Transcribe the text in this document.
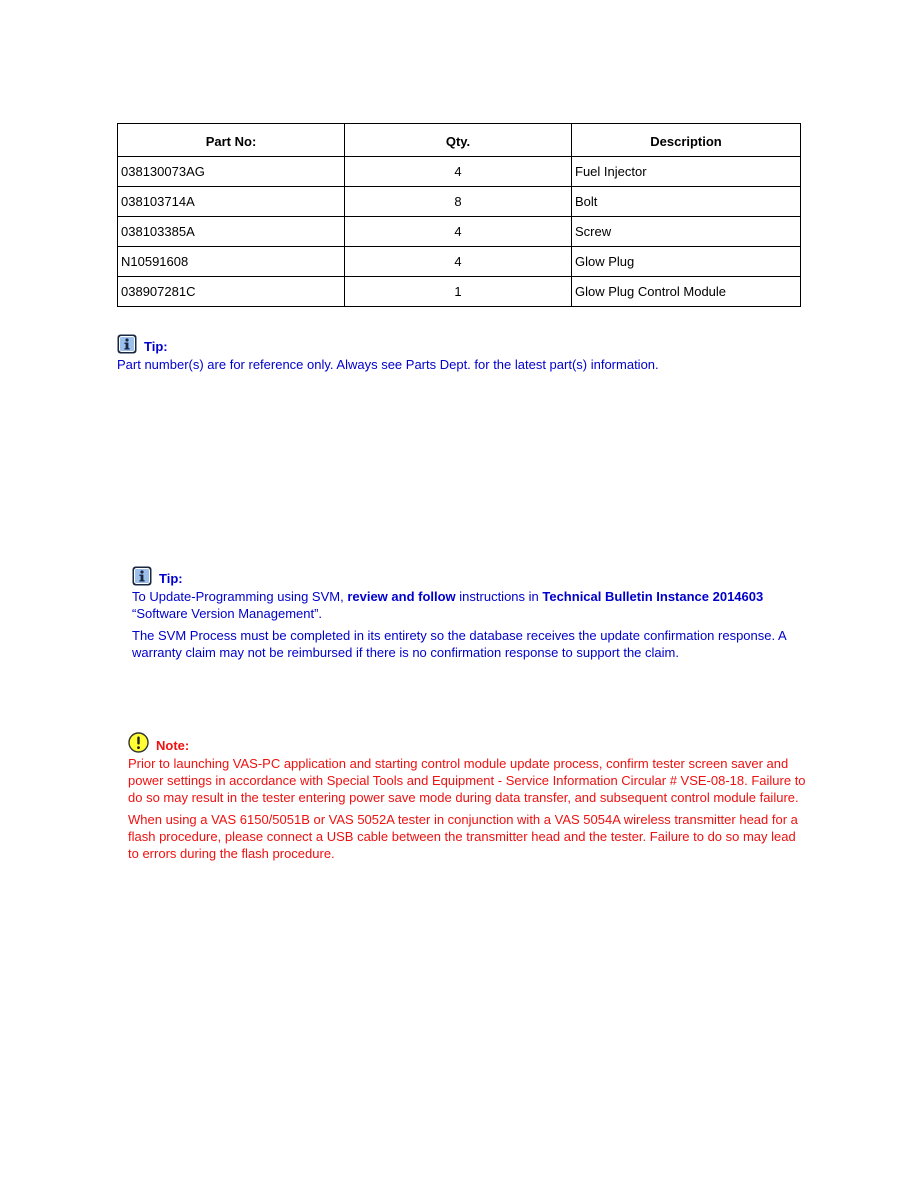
Part No:	Qty.	Description
038130073AG	4	Fuel Injector
038103714A	8	Bolt
038103385A	4	Screw
N10591608	4	Glow Plug
038907281C	1	Glow Plug Control Module
Tip:

Part number(s) are for reference only. Always see Parts Dept. for the latest part(s) information.

Tip:

To Update-Programming using SVM, review and follow instructions in Technical Bulletin Instance 2014603
“Software Version Management”.

The SVM Process must be completed in its entirety so the database receives the update confirmation response. A warranty claim may not be reimbursed if there is no confirmation response to support the claim.

Note:

Prior to launching VAS-PC application and starting control module update process, confirm tester screen saver and power settings in accordance with Special Tools and Equipment - Service Information Circular # VSE-08-18. Failure to do so may result in the tester entering power save mode during data transfer, and subsequent control module failure.

When using a VAS 6150/5051B or VAS 5052A tester in conjunction with a VAS 5054A wireless transmitter head for a flash procedure, please connect a USB cable between the transmitter head and the tester. Failure to do so may lead to errors during the flash procedure.
